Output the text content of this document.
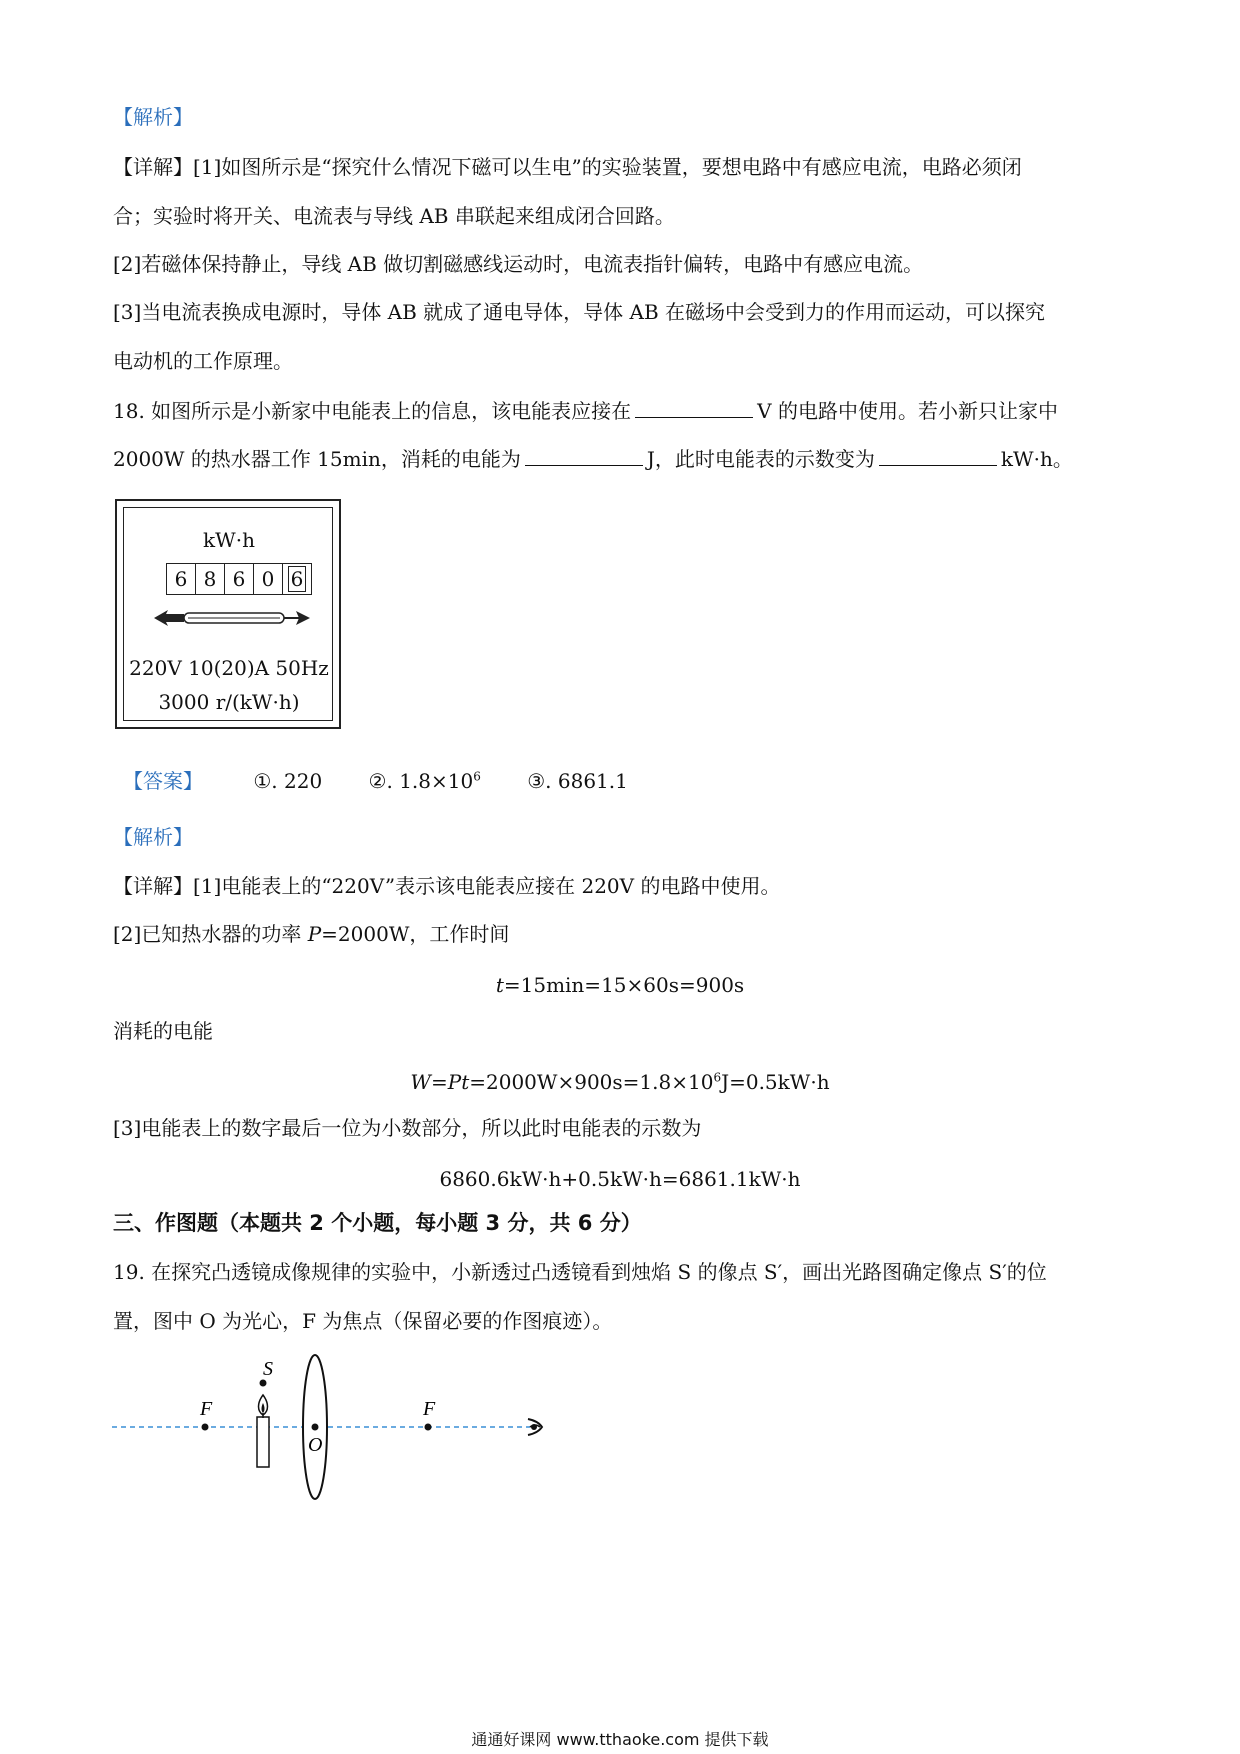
【解析】
【详解】[1]如图所示是“探究什么情况下磁可以生电”的实验装置，要想电路中有感应电流，电路必须闭
合；实验时将开关、电流表与导线 AB 串联起来组成闭合回路。
[2]若磁体保持静止，导线 AB 做切割磁感线运动时，电流表指针偏转，电路中有感应电流。
[3]当电流表换成电源时，导体 AB 就成了通电导体，导体 AB 在磁场中会受到力的作用而运动，可以探究
电动机的工作原理。
18. 如图所示是小新家中电能表上的信息，该电能表应接在	V 的电路中使用。若小新只让家中
2000W 的热水器工作 15min，消耗的电能为	J，此时电能表的示数变为	kW·h。
kW·h
6 8 6 0 6
220V 10(20)A 50Hz
3000 r/(kW·h)
【答案】	①. 220 ②. $1.8\times 10^6$ ③. 6861.1
【解析】
【详解】[1]电能表上的“220V”表示该电能表应接在 220V 的电路中使用。
[2]已知热水器的功率 P=2000W，工作时间
t=15min=15×60s=900s
消耗的电能
$W=Pt=2000W\times 900s=1.8\times 10^6J=0.5kW\cdot h$
[3]电能表上的数字最后一位为小数部分，所以此时电能表的示数为
6860.6kW·h+0.5kW·h=6861.1kW·h
三、作图题（本题共 2 个小题，每小题 3 分，共 6 分）
19. 在探究凸透镜成像规律的实验中，小新透过凸透镜看到烛焰 S 的像点 S′，画出光路图确定像点 S′的位
置，图中 O 为光心，F 为焦点（保留必要的作图痕迹）。
F
S
O
F
通通好课网 www.tthaoke.com 提供下载
